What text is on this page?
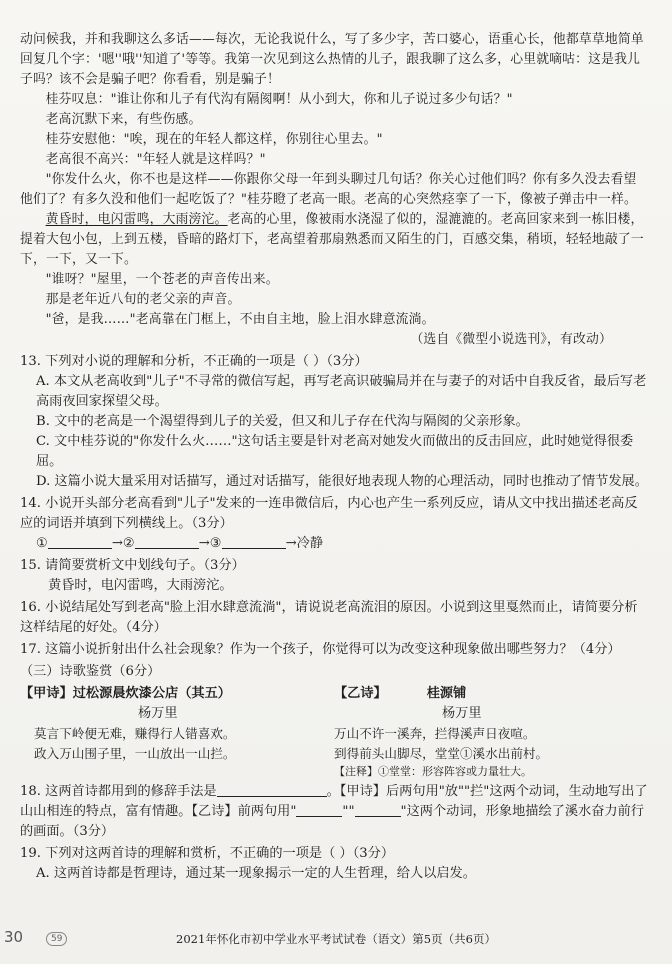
动问候我，并和我聊这么多话——每次，无论我说什么，写了多少字，苦口婆心，语重心长，他都草草地简单回复几个字：'嗯''哦''知道了'等等。我第一次见到这么热情的儿子，跟我聊了这么多，心里就嘀咕：这是我儿子吗？该不会是骗子吧？你看看，别是骗子！

桂芬叹息："谁让你和儿子有代沟有隔阂啊！从小到大，你和儿子说过多少句话？"

老高沉默下来，有些伤感。

桂芬安慰他："唉，现在的年轻人都这样，你别往心里去。"

老高很不高兴："年轻人就是这样吗？"

"你发什么火，你不也是这样——你跟你父母一年到头聊过几句话？你关心过他们吗？你有多久没去看望他们了？有多久没和他们一起吃饭了？"桂芬瞪了老高一眼。老高的心突然痉挛了一下，像被子弹击中一样。

黄昏时，电闪雷鸣，大雨滂沱。老高的心里，像被雨水浇湿了似的，湿漉漉的。老高回家来到一栋旧楼，提着大包小包，上到五楼，昏暗的路灯下，老高望着那扇熟悉而又陌生的门，百感交集，稍顷，轻轻地敲了一下，一下，又一下。

"谁呀？"屋里，一个苍老的声音传出来。

那是老年近八旬的老父亲的声音。

"爸，是我……"老高靠在门框上，不由自主地，脸上泪水肆意流淌。

（选自《微型小说选刊》，有改动）

13. 下列对小说的理解和分析，不正确的一项是（ ）（3分）

A. 本文从老高收到"儿子"不寻常的微信写起，再写老高识破骗局并在与妻子的对话中自我反省，最后写老高雨夜回家探望父母。

B. 文中的老高是一个渴望得到儿子的关爱，但又和儿子存在代沟与隔阂的父亲形象。

C. 文中桂芬说的"你发什么火……"这句话主要是针对老高对她发火而做出的反击回应，此时她觉得很委屈。

D. 这篇小说大量采用对话描写，通过对话描写，能很好地表现人物的心理活动，同时也推动了情节发展。

14. 小说开头部分老高看到"儿子"发来的一连串微信后，内心也产生一系列反应，请从文中找出描述老高反应的词语并填到下列横线上。（3分）

①	→②	→③	→冷静

15. 请简要赏析文中划线句子。（3分）

黄昏时，电闪雷鸣，大雨滂沱。

16. 小说结尾处写到老高"脸上泪水肆意流淌"，请说说老高流泪的原因。小说到这里戛然而止，请简要分析这样结尾的好处。（4分）

17. 这篇小说折射出什么社会现象？作为一个孩子，你觉得可以为改变这种现象做出哪些努力？（4分）

（三）诗歌鉴赏（6分）

【甲诗】过松源晨炊漆公店（其五）

杨万里

莫言下岭便无难，赚得行人错喜欢。

政入万山围子里，一山放出一山拦。

【乙诗】	桂源铺

杨万里

万山不许一溪奔，拦得溪声日夜喧。

到得前头山脚尽，堂堂①溪水出前村。

【注释】①堂堂：形容阵容或力量壮大。

18. 这两首诗都用到的修辞手法是	。【甲诗】后两句用"放""拦"这两个动词，生动地写出了山山相连的特点，富有情趣。【乙诗】前两句用"	""	"这两个动词，形象地描绘了溪水奋力前行的画面。（3分）

19. 下列对这两首诗的理解和赏析，不正确的一项是（ ）（3分）

A. 这两首诗都是哲理诗，通过某一现象揭示一定的人生哲理，给人以启发。

30	59	2021年怀化市初中学业水平考试试卷（语文）第5页（共6页）
